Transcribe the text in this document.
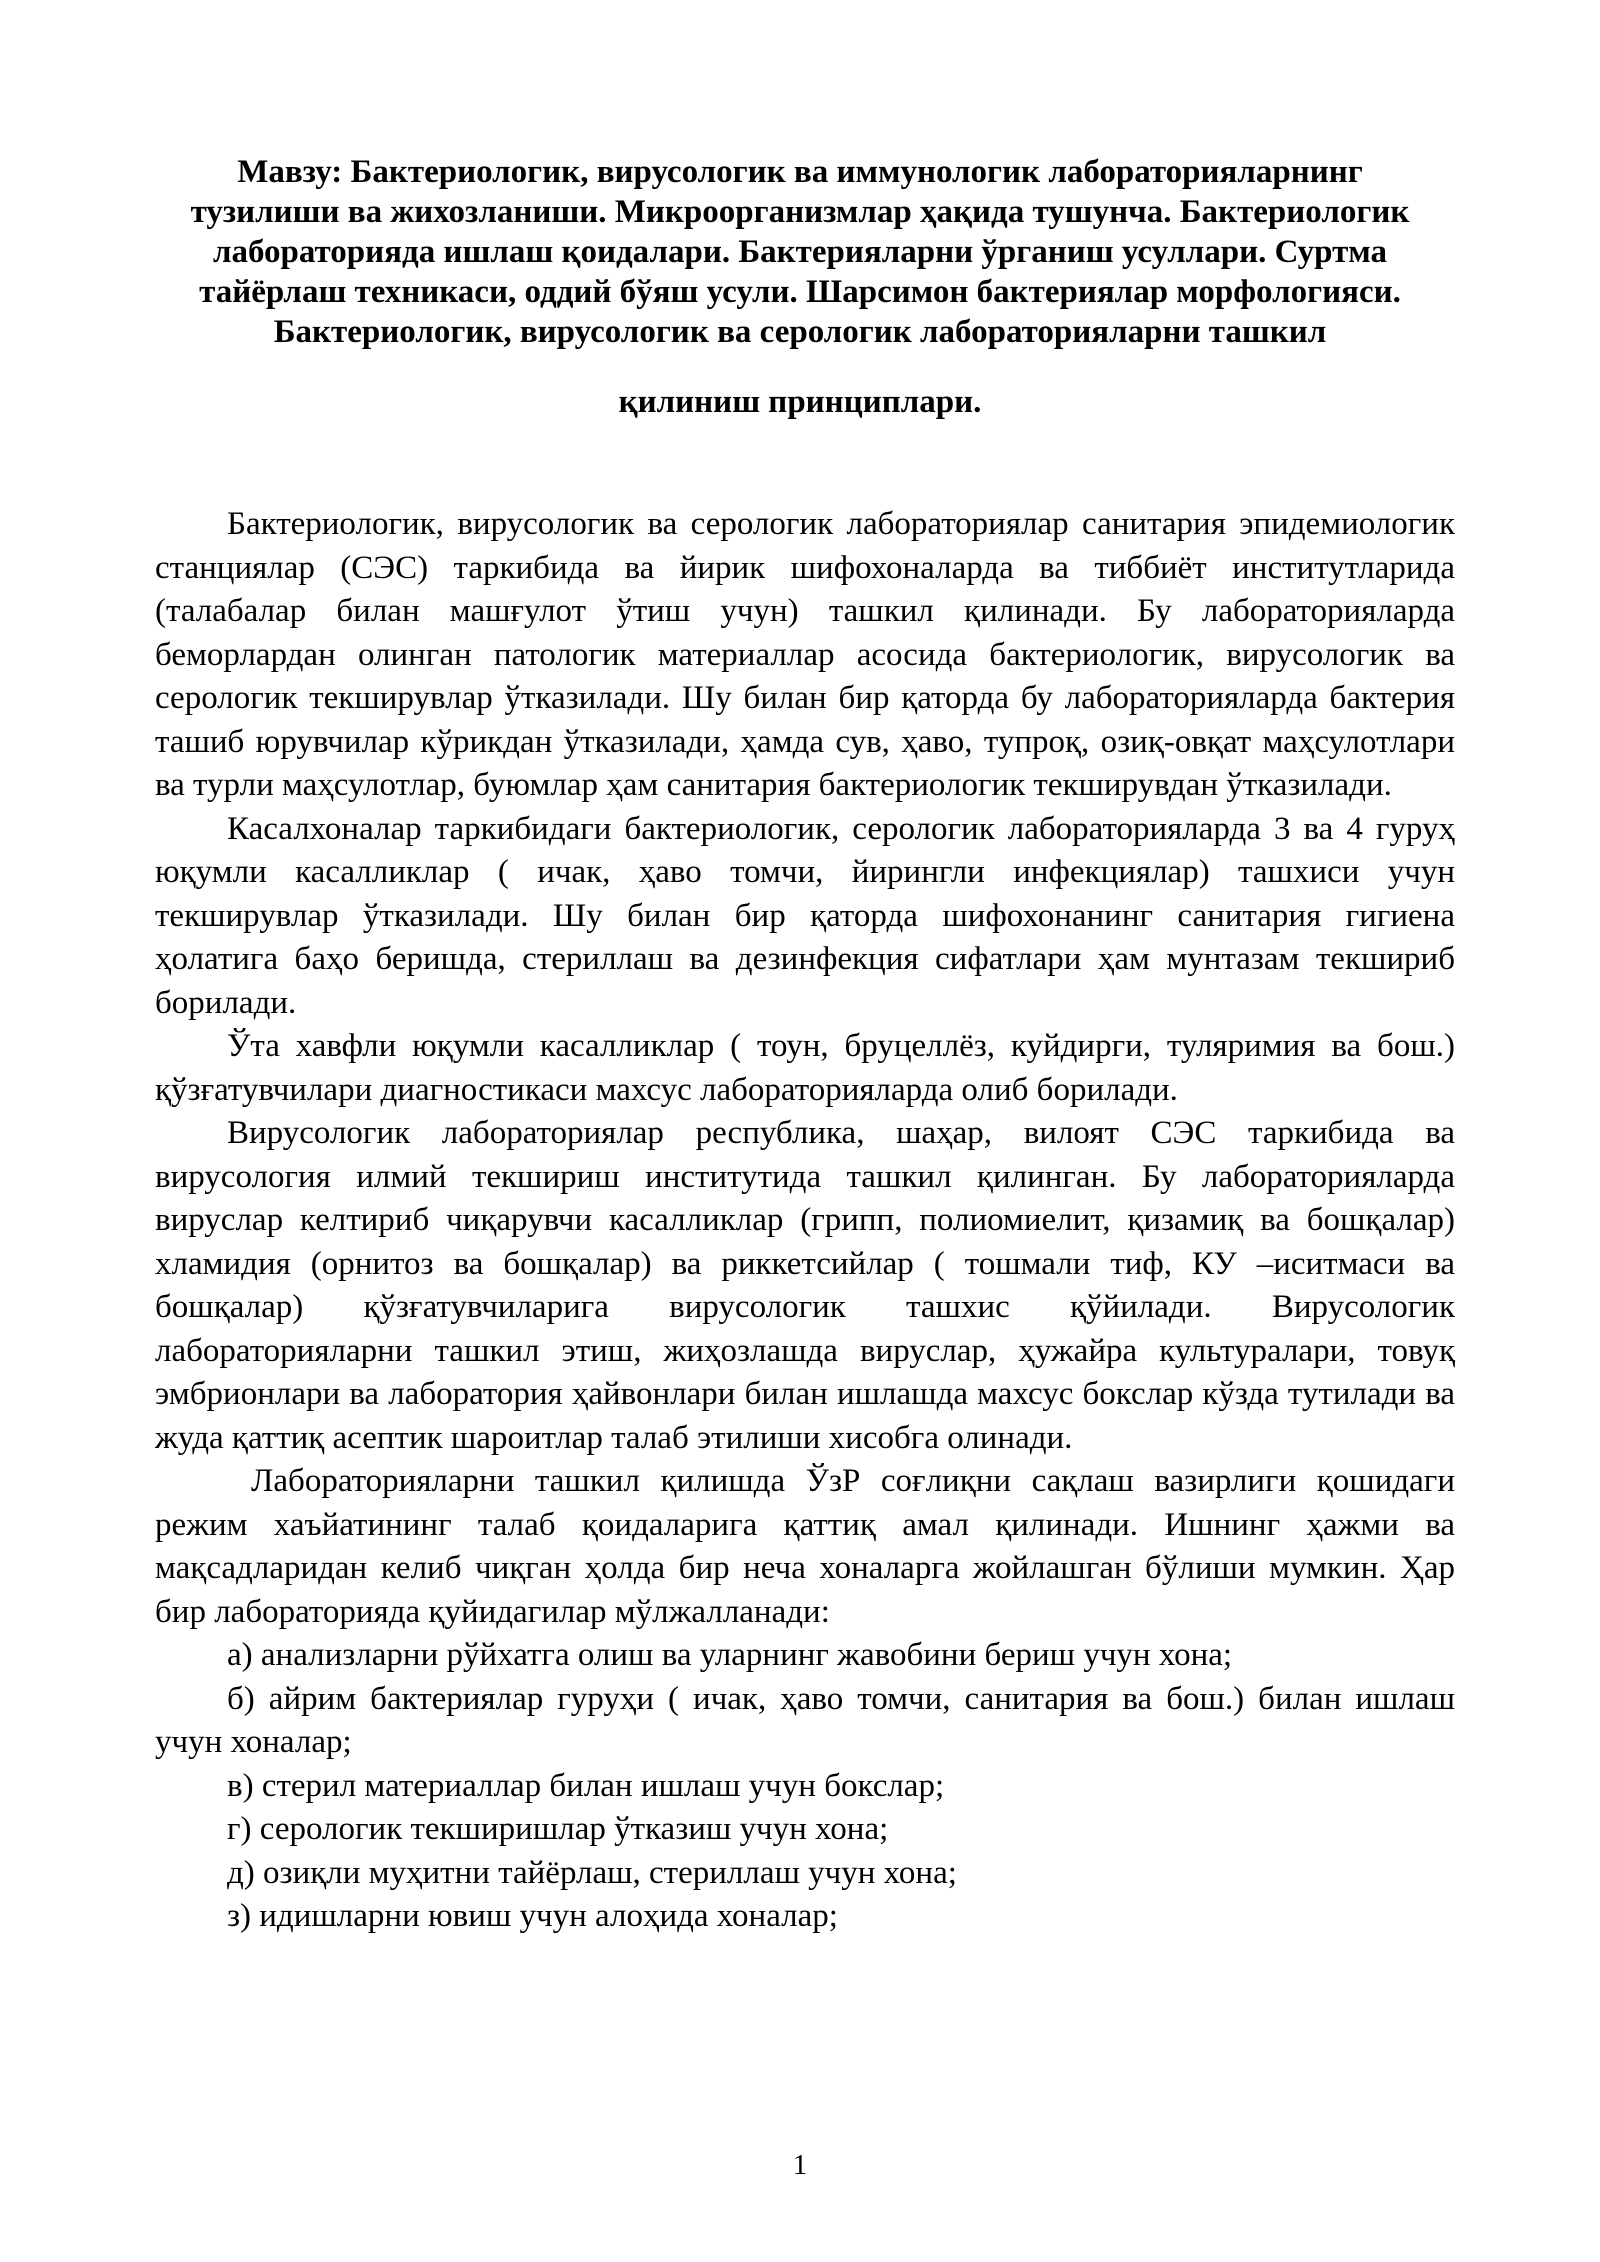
Мавзу: Бактериологик, вирусологик ва иммунологик лабораторияларнинг тузилиши ва жихозланиши. Микроорганизмлар ҳақида тушунча. Бактериологик лабораторияда ишлаш қоидалари. Бактерияларни ўрганиш усуллари. Суртма тайёрлаш техникаси, оддий бўяш усули. Шарсимон бактериялар морфологияси.

Бактериологик, вирусологик ва серологик лабораторияларни ташкил

қилиниш принциплари.

Бактериологик, вирусологик ва серологик лабораториялар санитария эпидемиологик станциялар (СЭС) таркибида ва йирик шифохоналарда ва тиббиёт институтларида (талабалар билан машғулот ўтиш учун) ташкил қилинади. Бу лабораторияларда беморлардан олинган патологик материаллар асосида бактериологик, вирусологик ва серологик текширувлар ўтказилади. Шу билан бир қаторда бу лабораторияларда бактерия ташиб юрувчилар кўрикдан ўтказилади, ҳамда сув, ҳаво, тупроқ, озиқ-овқат маҳсулотлари ва турли маҳсулотлар, буюмлар ҳам санитария бактериологик текширувдан ўтказилади.

Касалхоналар таркибидаги бактериологик, серологик лабораторияларда 3 ва 4 гуруҳ юқумли касалликлар ( ичак, ҳаво томчи, йирингли инфекциялар) ташхиси учун текширувлар ўтказилади. Шу билан бир қаторда шифохонанинг санитария гигиена ҳолатига баҳо беришда, стериллаш ва дезинфекция сифатлари ҳам мунтазам текшириб борилади.

Ўта хавфли юқумли касалликлар ( тоун, бруцеллёз, куйдирги, туляримия ва бош.) қўзғатувчилари диагностикаси махсус лабораторияларда олиб борилади.

Вирусологик лабораториялар республика, шаҳар, вилоят СЭС таркибида ва вирусология илмий текшириш институтида ташкил қилинган. Бу лабораторияларда вируслар келтириб чиқарувчи касалликлар (грипп, полиомиелит, қизамиқ ва бошқалар) хламидия (орнитоз ва бошқалар) ва риккетсийлар ( тошмали тиф, КУ –иситмаси ва бошқалар) қўзғатувчиларига вирусологик ташхис қўйилади. Вирусологик лабораторияларни ташкил этиш, жиҳозлашда вируслар, ҳужайра культуралари, товуқ эмбрионлари ва лаборатория ҳайвонлари билан ишлашда махсус бокслар кўзда тутилади ва жуда қаттиқ асептик шароитлар талаб этилиши хисобга олинади.

Лабораторияларни ташкил қилишда ЎзР соғлиқни сақлаш вазирлиги қошидаги режим хаъйатининг талаб қоидаларига қаттиқ амал қилинади. Ишнинг ҳажми ва мақсадларидан келиб чиқган ҳолда бир неча хоналарга жойлашган бўлиши мумкин. Ҳар бир лабораторияда қуйидагилар мўлжалланади:

а) анализларни рўйхатга олиш ва уларнинг жавобини бериш учун хона;

б) айрим бактериялар гуруҳи ( ичак, ҳаво томчи, санитария ва бош.) билан ишлаш учун хоналар;

в) стерил материаллар билан ишлаш учун бокслар;

г) серологик текширишлар ўтказиш учун хона;

д) озиқли муҳитни тайёрлаш, стериллаш учун хона;

з) идишларни ювиш учун алоҳида хоналар;

1
